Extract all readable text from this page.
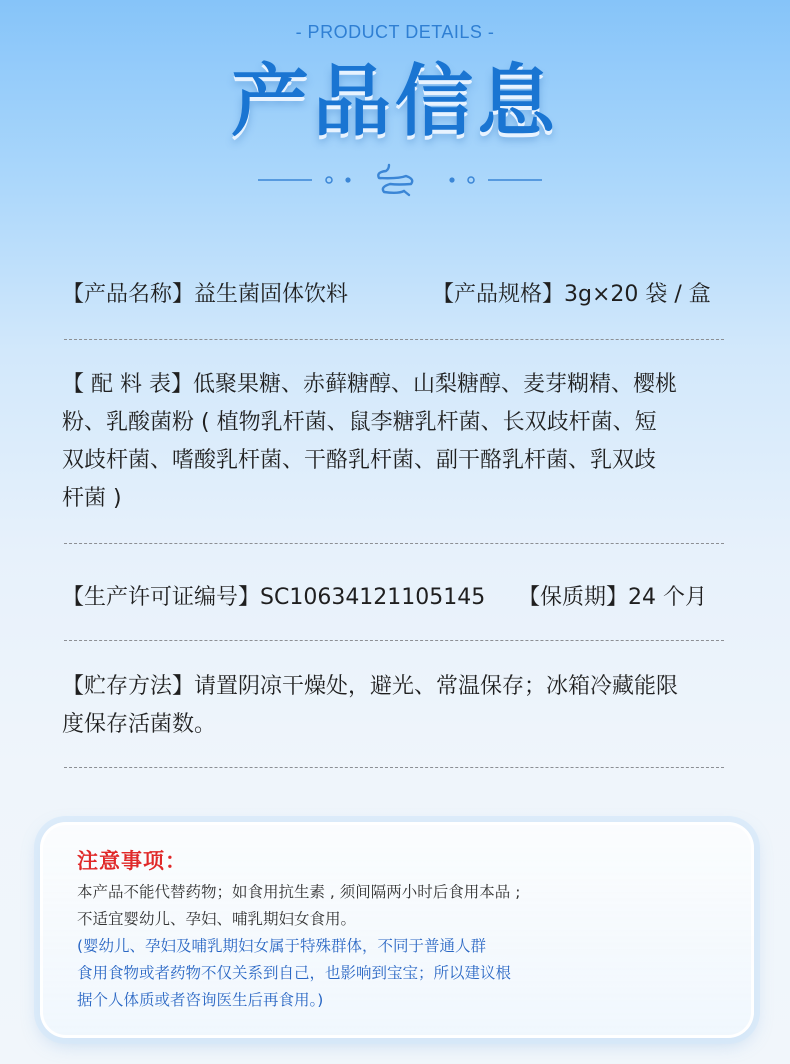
- PRODUCT DETAILS -
产品信息
【产品名称】益生菌固体饮料	【产品规格】3g×20 袋 / 盒
【 配 料 表】低聚果糖、赤藓糖醇、山梨糖醇、麦芽糊精、樱桃
粉、乳酸菌粉 ( 植物乳杆菌、鼠李糖乳杆菌、长双歧杆菌、短
双歧杆菌、嗜酸乳杆菌、干酪乳杆菌、副干酪乳杆菌、乳双歧
杆菌 )
【生产许可证编号】SC10634121105145 【保质期】24 个月
【贮存方法】请置阴凉干燥处，避光、常温保存；冰箱冷藏能限
度保存活菌数。
注意事项：
本产品不能代替药物；如食用抗生素 , 须间隔两小时后食用本品 ;
不适宜婴幼儿、孕妇、哺乳期妇女食用。
(婴幼儿、孕妇及哺乳期妇女属于特殊群体，不同于普通人群
食用食物或者药物不仅关系到自己，也影响到宝宝；所以建议根
据个人体质或者咨询医生后再食用。)
